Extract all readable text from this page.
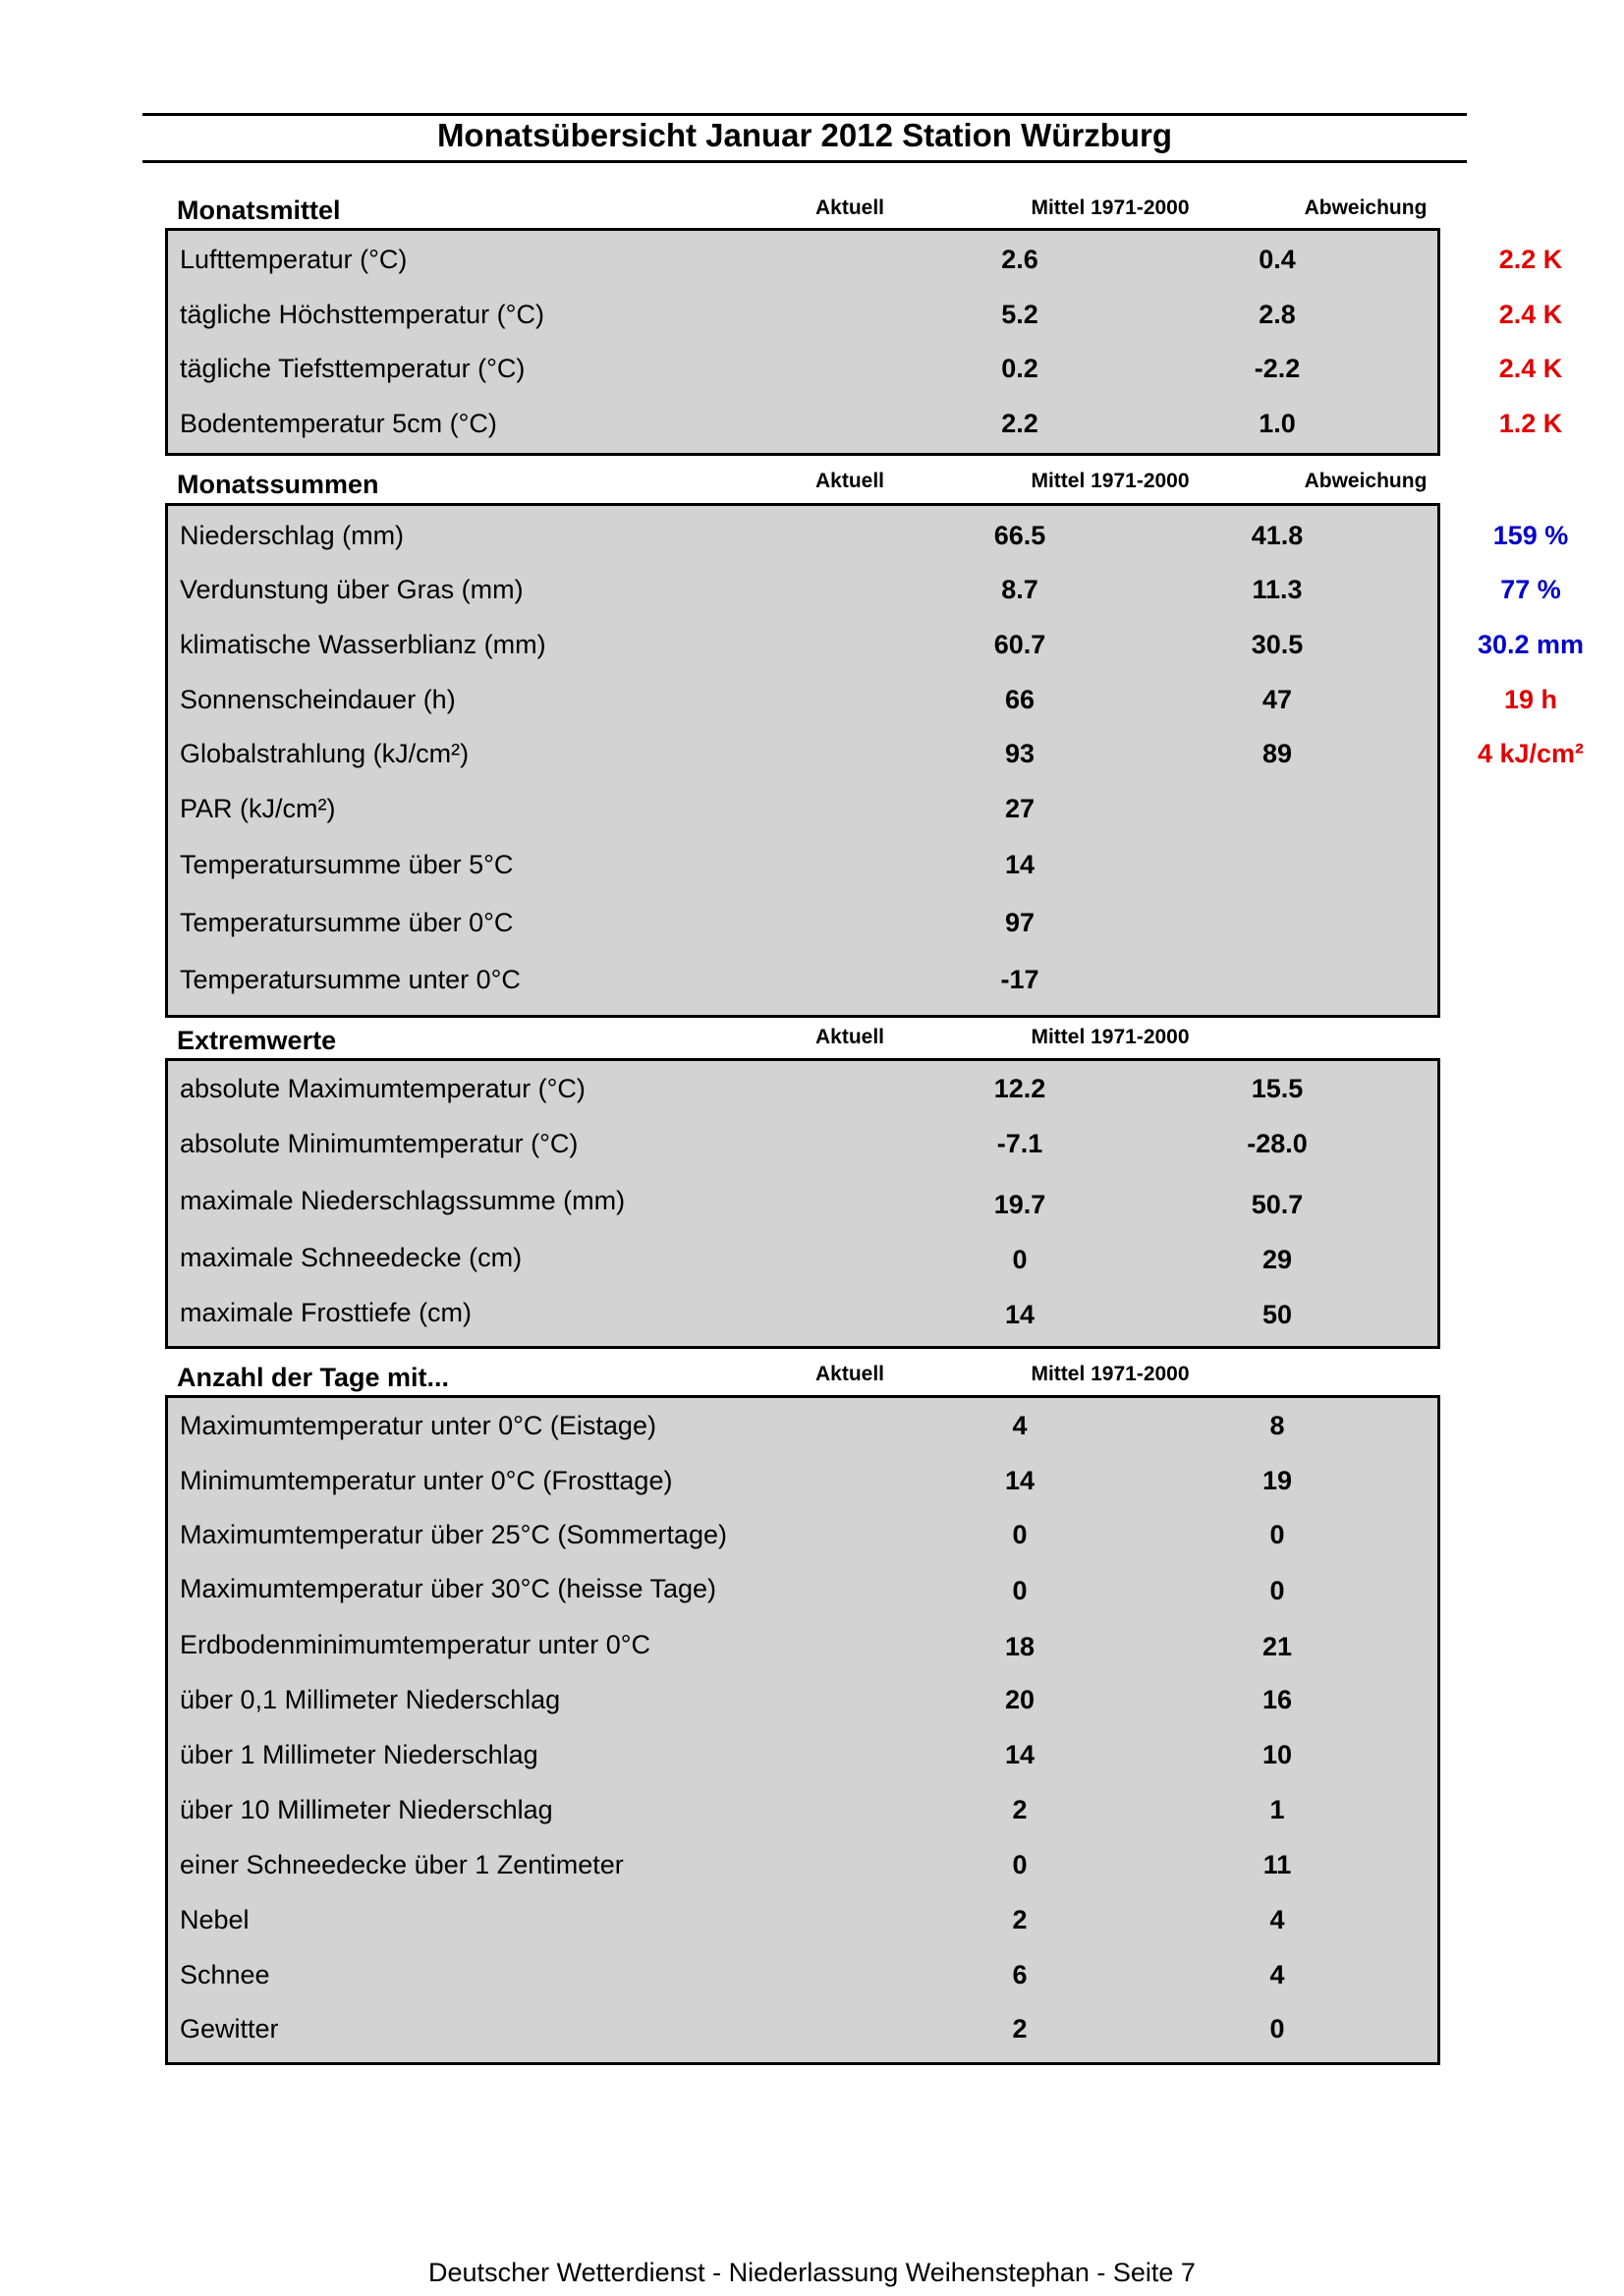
Monatsübersicht Januar 2012 Station Würzburg
Monatsmittel	Aktuell	Mittel 1971-2000	Abweichung
Lufttemperatur (°C)	2.6	0.4	2.2 K
tägliche Höchsttemperatur (°C)	5.2	2.8	2.4 K
tägliche Tiefsttemperatur (°C)	0.2	-2.2	2.4 K
Bodentemperatur 5cm (°C)	2.2	1.0	1.2 K
Monatssummen	Aktuell	Mittel 1971-2000	Abweichung
Niederschlag (mm)	66.5	41.8	159 %
Verdunstung über Gras (mm)	8.7	11.3	77 %
klimatische Wasserblianz (mm)	60.7	30.5	30.2 mm
Sonnenscheindauer (h)	66	47	19 h
Globalstrahlung (kJ/cm²)	93	89	4 kJ/cm²
PAR (kJ/cm²)	27
Temperatursumme über 5°C	14
Temperatursumme über 0°C	97
Temperatursumme unter 0°C	-17
Extremwerte	Aktuell	Mittel 1971-2000
absolute Maximumtemperatur (°C)	12.2	15.5
absolute Minimumtemperatur (°C)	-7.1	-28.0
maximale Niederschlagssumme (mm)	19.7	50.7
maximale Schneedecke (cm)	0	29
maximale Frosttiefe (cm)	14	50
Anzahl der Tage mit...	Aktuell	Mittel 1971-2000
Maximumtemperatur unter 0°C (Eistage)	4	8
Minimumtemperatur unter 0°C (Frosttage)	14	19
Maximumtemperatur über 25°C (Sommertage)	0	0
Maximumtemperatur über 30°C (heisse Tage)	0	0
Erdbodenminimumtemperatur unter 0°C	18	21
über 0,1 Millimeter Niederschlag	20	16
über 1 Millimeter Niederschlag	14	10
über 10 Millimeter Niederschlag	2	1
einer Schneedecke über 1 Zentimeter	0	11
Nebel	2	4
Schnee	6	4
Gewitter	2	0
Deutscher Wetterdienst - Niederlassung Weihenstephan - Seite 7
